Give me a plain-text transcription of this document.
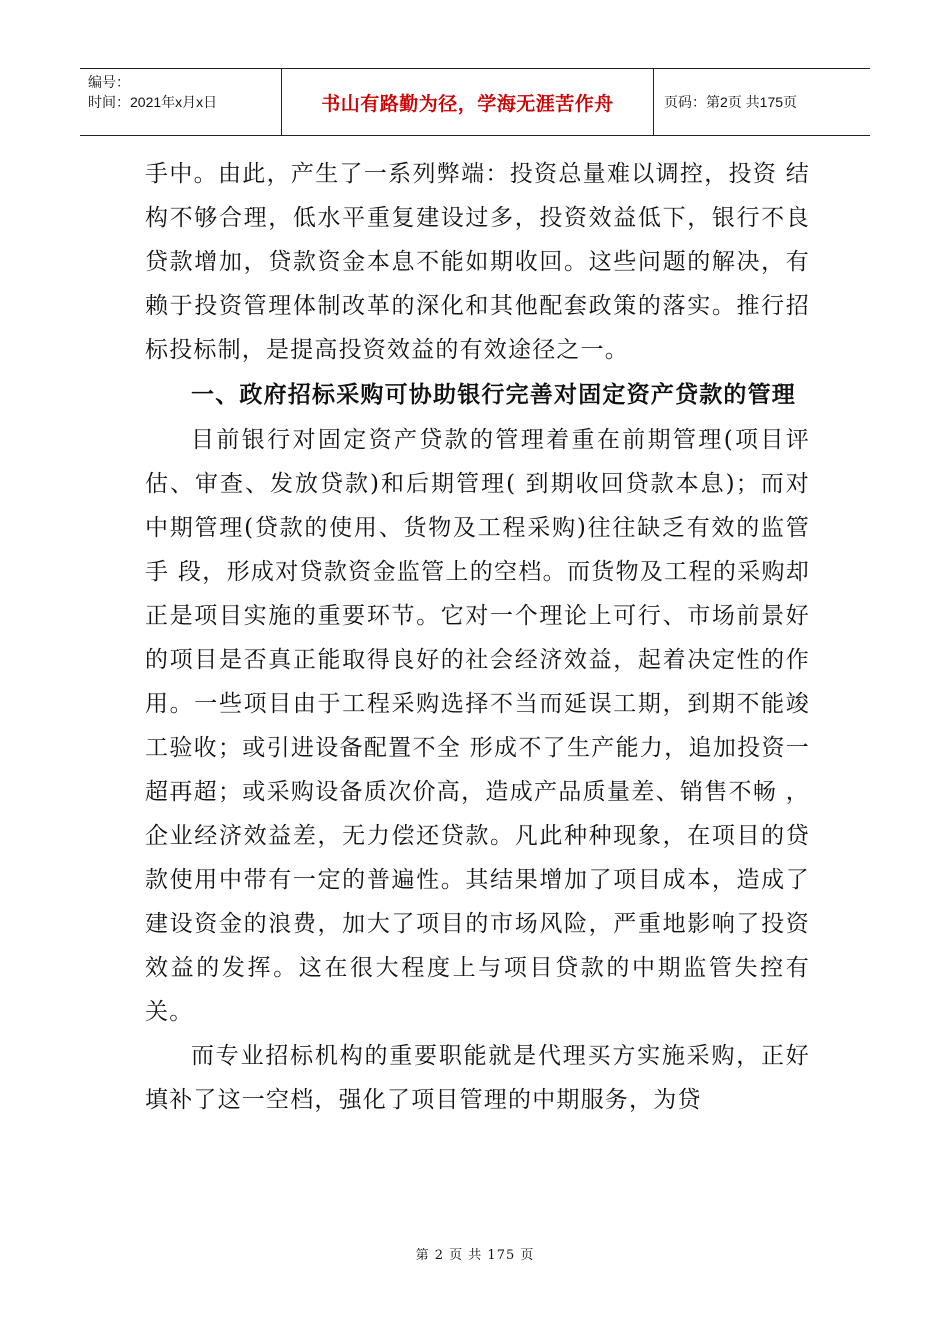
编号：
时间：2021年x月x日	书山有路勤为径，学海无涯苦作舟	页码：第2页 共175页

手中。由此，产生了一系列弊端：投资总量难以调控，投资 结构不够合理，低水平重复建设过多，投资效益低下，银行不良贷款增加，贷款资金本息不能如期收回。这些问题的解决，有赖于投资管理体制改革的深化和其他配套政策的落实。推行招标投标制，是提高投资效益的有效途径之一。

一、政府招标采购可协助银行完善对固定资产贷款的管理

目前银行对固定资产贷款的管理着重在前期管理(项目评估、审查、发放贷款)和后期管理( 到期收回贷款本息)；而对中期管理(贷款的使用、货物及工程采购)往往缺乏有效的监管手 段，形成对贷款资金监管上的空档。而货物及工程的采购却正是项目实施的重要环节。它对一个理论上可行、市场前景好的项目是否真正能取得良好的社会经济效益，起着决定性的作 用。一些项目由于工程采购选择不当而延误工期，到期不能竣工验收；或引进设备配置不全 形成不了生产能力，追加投资一超再超；或采购设备质次价高，造成产品质量差、销售不畅 ， 企业经济效益差，无力偿还贷款。凡此种种现象，在项目的贷款使用中带有一定的普遍性。其结果增加了项目成本，造成了建设资金的浪费，加大了项目的市场风险，严重地影响了投资效益的发挥。这在很大程度上与项目贷款的中期监管失控有关。

而专业招标机构的重要职能就是代理买方实施采购，正好填补了这一空档，强化了项目管理的中期服务，为贷

第 2 页 共 175 页
